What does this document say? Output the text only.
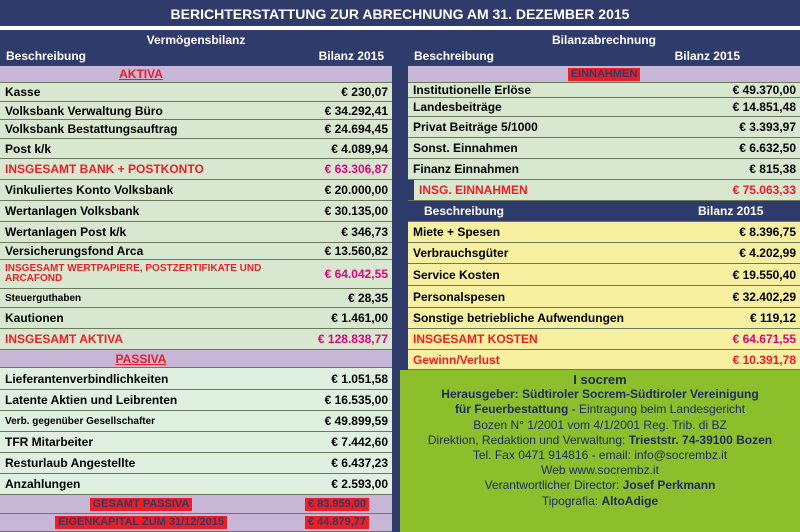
BERICHTERSTATTUNG ZUR ABRECHNUNG AM 31. DEZEMBER 2015
Vermögensbilanz
Beschreibung	Bilanz 2015
Bilanzabrechnung
Beschreibung	Bilanz 2015
AKTIVA
Kasse	€ 230,07
Volksbank Verwaltung Büro	€ 34.292,41
Volksbank Bestattungsauftrag	€ 24.694,45
Post k/k	€ 4.089,94
INSGESAMT BANK + POSTKONTO	€ 63.306,87
Vinkuliertes Konto Volksbank	€ 20.000,00
Wertanlagen Volksbank	€ 30.135,00
Wertanlagen Post k/k	€ 346,73
Versicherungsfond Arca	€ 13.560,82
INSGESAMT WERTPAPIERE, POSTZERTIFIKATE UND ARCAFOND	€ 64.042,55
Steuerguthaben	€ 28,35
Kautionen	€ 1.461,00
INSGESAMT AKTIVA	€ 128.838,77
PASSIVA
Lieferantenverbindlichkeiten	€ 1.051,58
Latente Aktien und Leibrenten	€ 16.535,00
Verb. gegenüber Gesellschafter	€ 49.899,59
TFR Mitarbeiter	€ 7.442,60
Resturlaub Angestellte	€ 6.437,23
Anzahlungen	€ 2.593,00
GESAMT PASSIVA	€ 83.959,00
EIGENKAPITAL ZUM 31/12/2015	€ 44.879,77
EINNAHMEN
Institutionelle Erlöse	€ 49.370,00
Landesbeiträge	€ 14.851,48
Privat Beiträge 5/1000	€ 3.393,97
Sonst. Einnahmen	€ 6.632,50
Finanz Einnahmen	€ 815,38
INSG. EINNAHMEN	€ 75.063,33
Beschreibung	Bilanz 2015
Miete + Spesen	€ 8.396,75
Verbrauchsgüter	€ 4.202,99
Service Kosten	€ 19.550,40
Personalspesen	€ 32.402,29
Sonstige betriebliche Aufwendungen	€ 119,12
INSGESAMT KOSTEN	€ 64.671,55
Gewinn/Verlust	€ 10.391,78
I socrem
Herausgeber: Südtiroler Socrem-Südtiroler Vereinigung
für Feuerbestattung - Eintragung beim Landesgericht
Bozen N° 1/2001 vom 4/1/2001 Reg. Trib. di BZ
Direktion, Redaktion und Verwaltung: Trieststr. 74-39100 Bozen
Tel. Fax 0471 914816 - email: info@socrembz.it
Web www.socrembz.it
Verantwortlicher Director: Josef Perkmann
Tipografia: AltoAdige
